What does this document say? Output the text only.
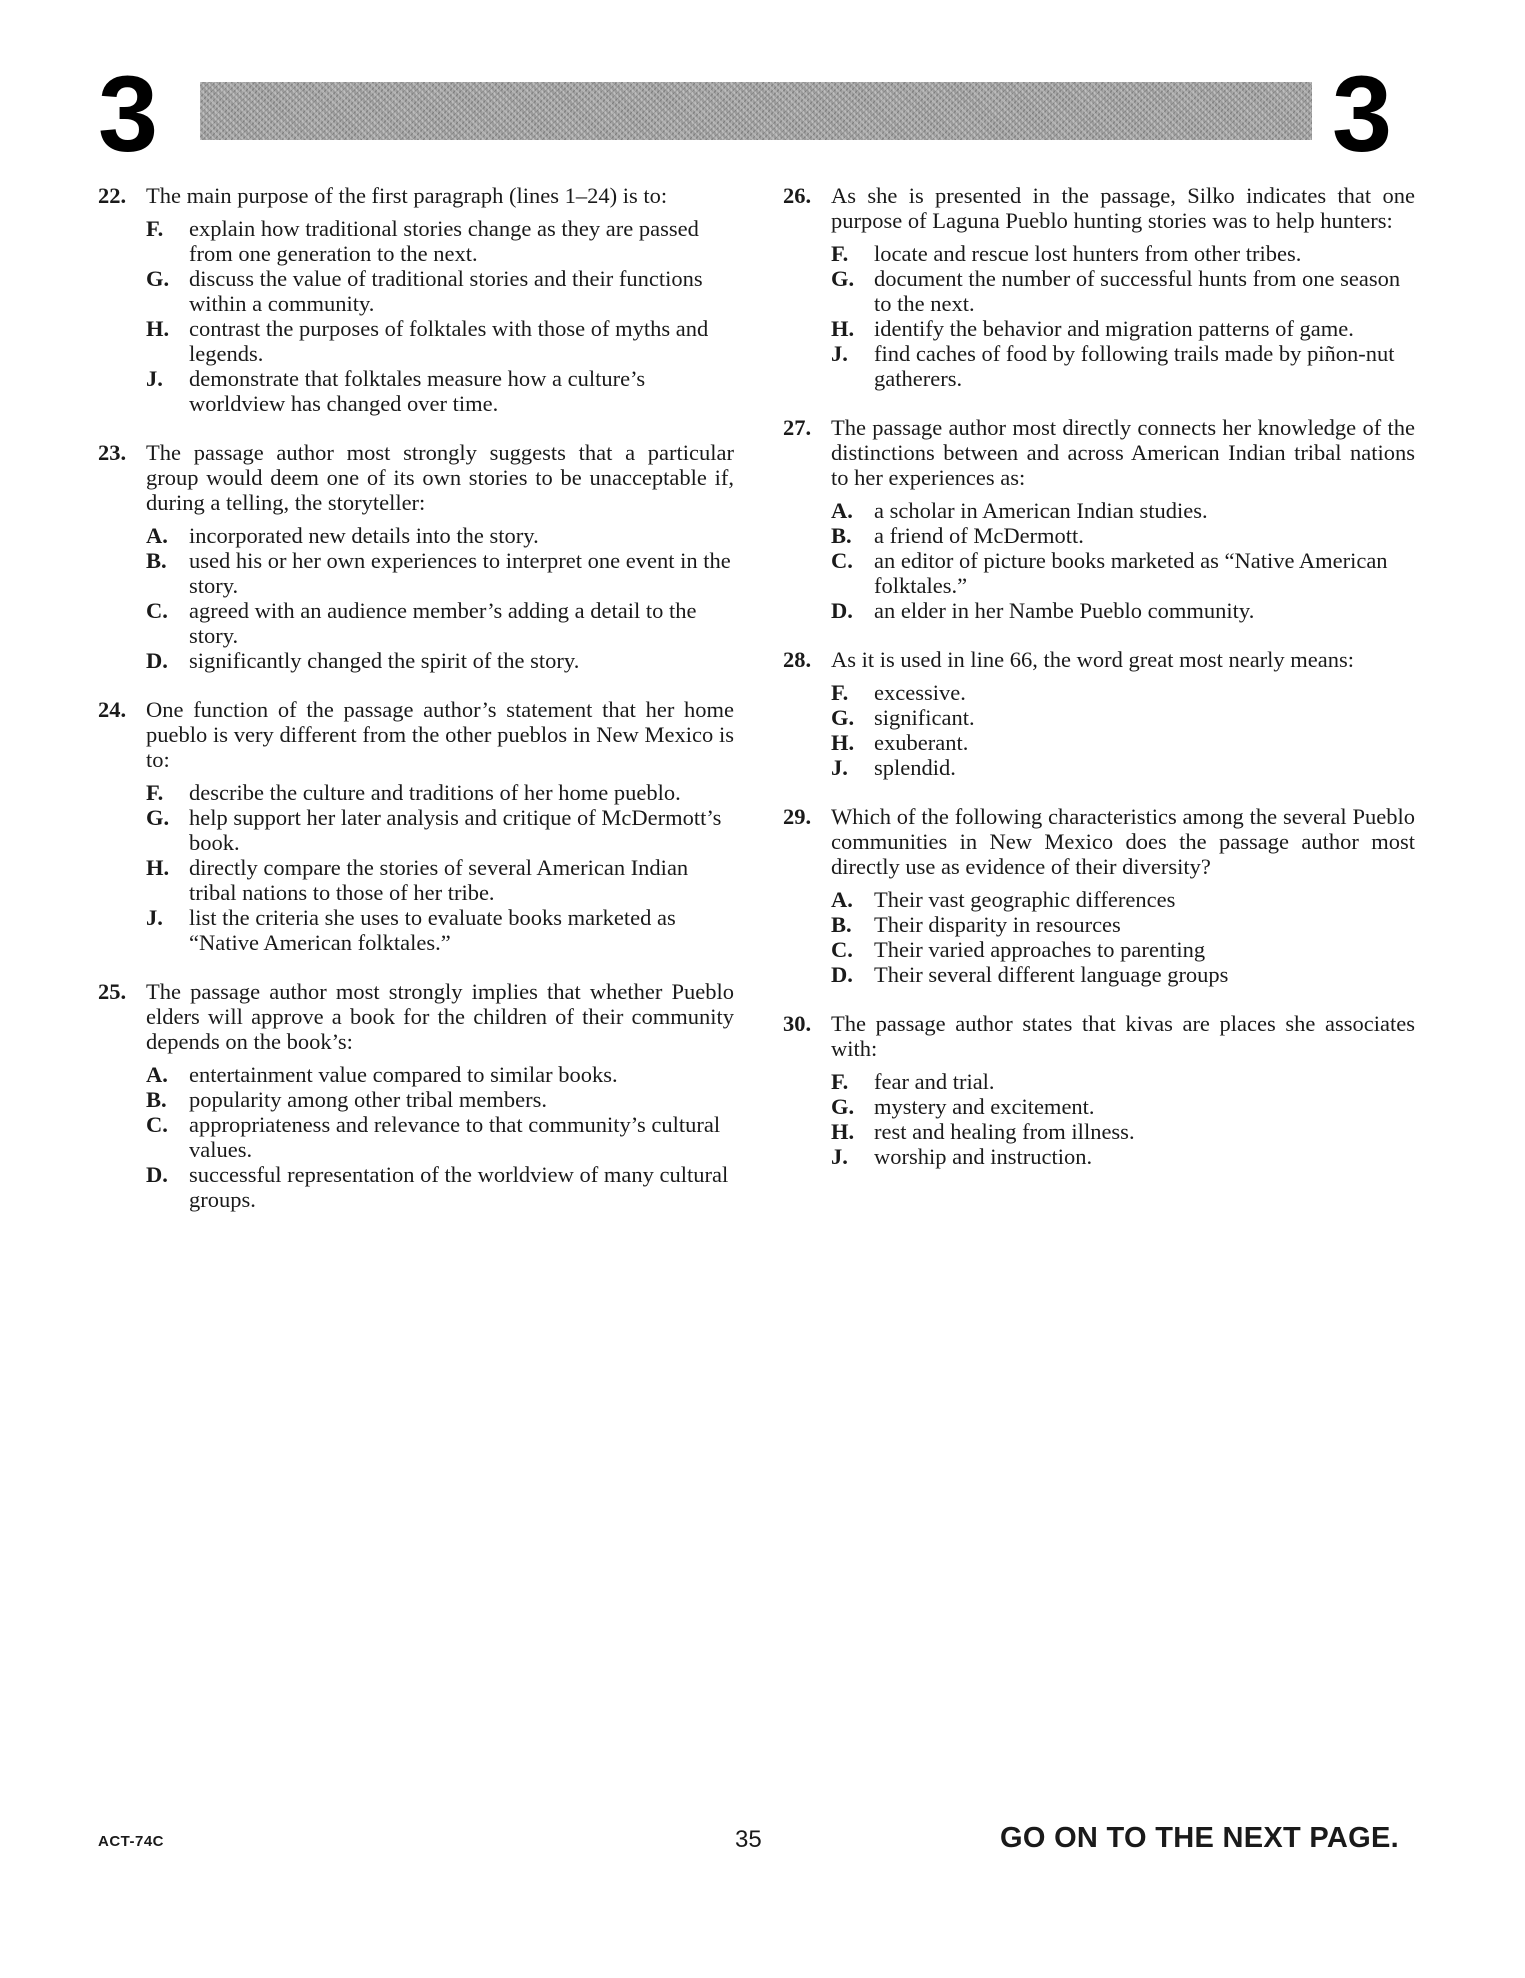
3	3
22. The main purpose of the first paragraph (lines 1–24) is to:
F.	explain how traditional stories change as they are passed from one generation to the next.
G. discuss the value of traditional stories and their functions within a community.
H. contrast the purposes of folktales with those of myths and legends.
J.	demonstrate that folktales measure how a culture’s worldview has changed over time.
23. The passage author most strongly suggests that a particular group would deem one of its own stories to be unacceptable if, during a telling, the storyteller:
A. incorporated new details into the story.
B. used his or her own experiences to interpret one event in the story.
C. agreed with an audience member’s adding a detail to the story.
D. significantly changed the spirit of the story.
24. One function of the passage author’s statement that her home pueblo is very different from the other pueblos in New Mexico is to:
F.	describe the culture and traditions of her home pueblo.
G. help support her later analysis and critique of McDermott’s book.
H. directly compare the stories of several American Indian tribal nations to those of her tribe.
J.	list the criteria she uses to evaluate books marketed as “Native American folktales.”
25. The passage author most strongly implies that whether Pueblo elders will approve a book for the children of their community depends on the book’s:
A. entertainment value compared to similar books.
B. popularity among other tribal members.
C. appropriateness and relevance to that community’s cultural values.
D. successful representation of the worldview of many cultural groups.
26. As she is presented in the passage, Silko indicates that one purpose of Laguna Pueblo hunting stories was to help hunters:
F.	locate and rescue lost hunters from other tribes.
G. document the number of successful hunts from one season to the next.
H. identify the behavior and migration patterns of game.
J.	find caches of food by following trails made by piñon-nut gatherers.
27. The passage author most directly connects her knowledge of the distinctions between and across American Indian tribal nations to her experiences as:
A. a scholar in American Indian studies.
B. a friend of McDermott.
C. an editor of picture books marketed as “Native American folktales.”
D. an elder in her Nambe Pueblo community.
28. As it is used in line 66, the word great most nearly means:
F.	excessive.
G. significant.
H. exuberant.
J.	splendid.
29. Which of the following characteristics among the several Pueblo communities in New Mexico does the passage author most directly use as evidence of their diversity?
A. Their vast geographic differences
B. Their disparity in resources
C. Their varied approaches to parenting
D. Their several different language groups
30. The passage author states that kivas are places she associates with:
F.	fear and trial.
G. mystery and excitement.
H. rest and healing from illness.
J.	worship and instruction.
ACT-74C	35	GO ON TO THE NEXT PAGE.
